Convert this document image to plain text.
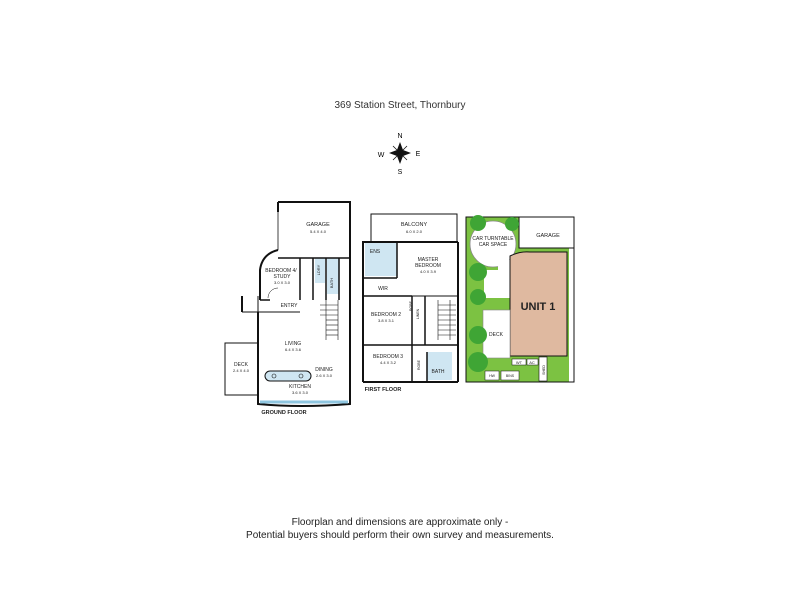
369 Station Street, Thornbury
N
S
E
W
GARAGE
5.4 X 4.0
BEDROOM 4/
STUDY
3.0 X 3.0
LDRY
BATH
ENTRY
LIVING
6.4 X 3.6
DINING
2.6 X 3.0
KITCHEN
3.6 X 3.0
DECK
2.4 X 4.0
GROUND FLOOR
BALCONY
6.0 X 2.0
ENS
MASTER
BEDROOM
4.0 X 3.9
WIR
BEDROOM 2
3.8 X 3.1
ROBE
LINEN
BEDROOM 3
4.4 X 3.2	ROBE
BATH
FIRST FLOOR
CAR TURNTABLE
CAR SPACE
GARAGE
UNIT 1
DECK
WT AC
SHED
HW	BINS
Floorplan and dimensions are approximate only -
Potential buyers should perform their own survey and measurements.
